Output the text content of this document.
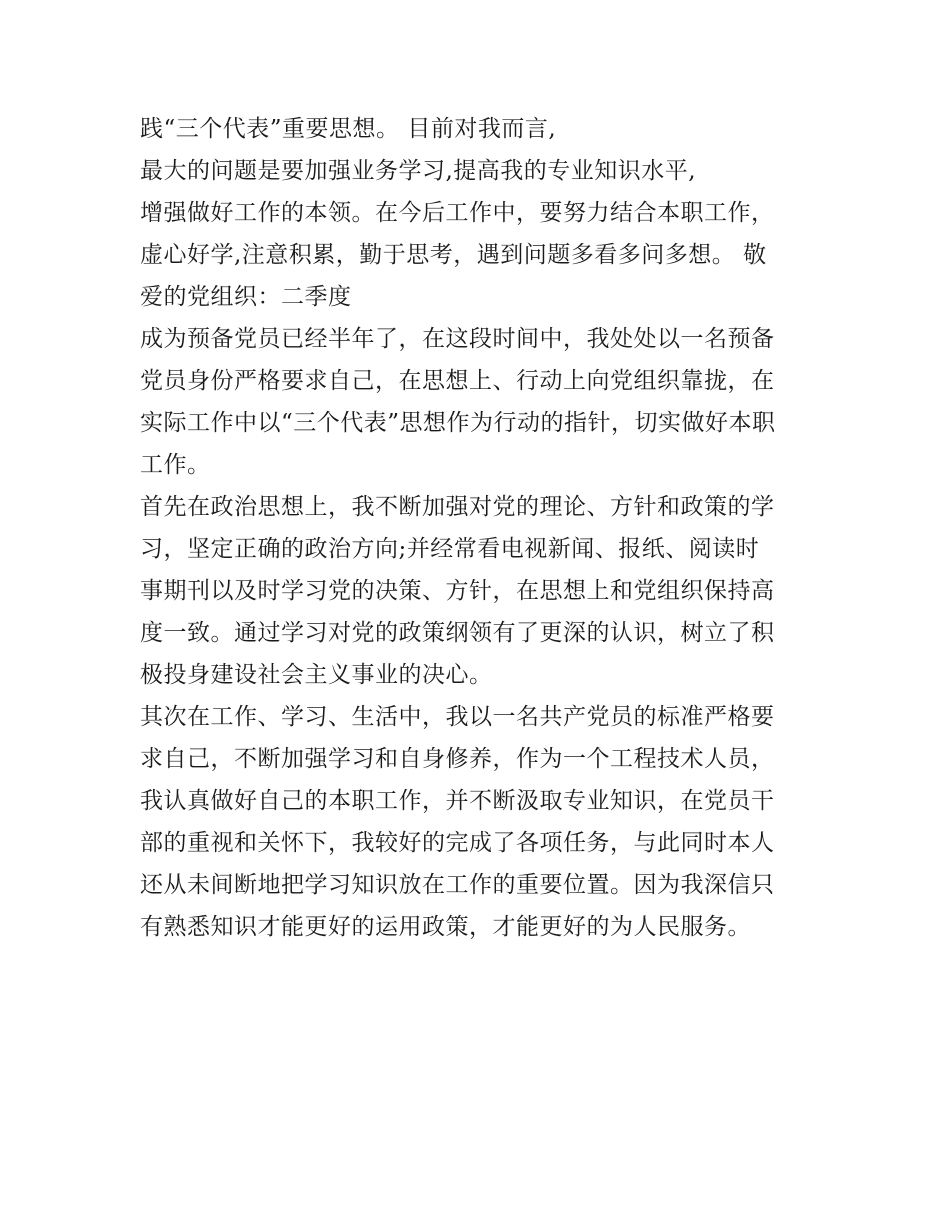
践“三个代表”重要思想。 目前对我而言,
最大的问题是要加强业务学习,提高我的专业知识水平,
增强做好工作的本领。在今后工作中，要努力结合本职工作，
虚心好学,注意积累，勤于思考，遇到问题多看多问多想。 敬
爱的党组织：二季度
成为预备党员已经半年了，在这段时间中，我处处以一名预备
党员身份严格要求自己，在思想上、行动上向党组织靠拢，在
实际工作中以“三个代表”思想作为行动的指针，切实做好本职
工作。
首先在政治思想上，我不断加强对党的理论、方针和政策的学
习，坚定正确的政治方向;并经常看电视新闻、报纸、阅读时
事期刊以及时学习党的决策、方针，在思想上和党组织保持高
度一致。通过学习对党的政策纲领有了更深的认识，树立了积
极投身建设社会主义事业的决心。
其次在工作、学习、生活中，我以一名共产党员的标准严格要
求自己，不断加强学习和自身修养，作为一个工程技术人员，
我认真做好自己的本职工作，并不断汲取专业知识，在党员干
部的重视和关怀下，我较好的完成了各项任务，与此同时本人
还从未间断地把学习知识放在工作的重要位置。因为我深信只
有熟悉知识才能更好的运用政策，才能更好的为人民服务。
